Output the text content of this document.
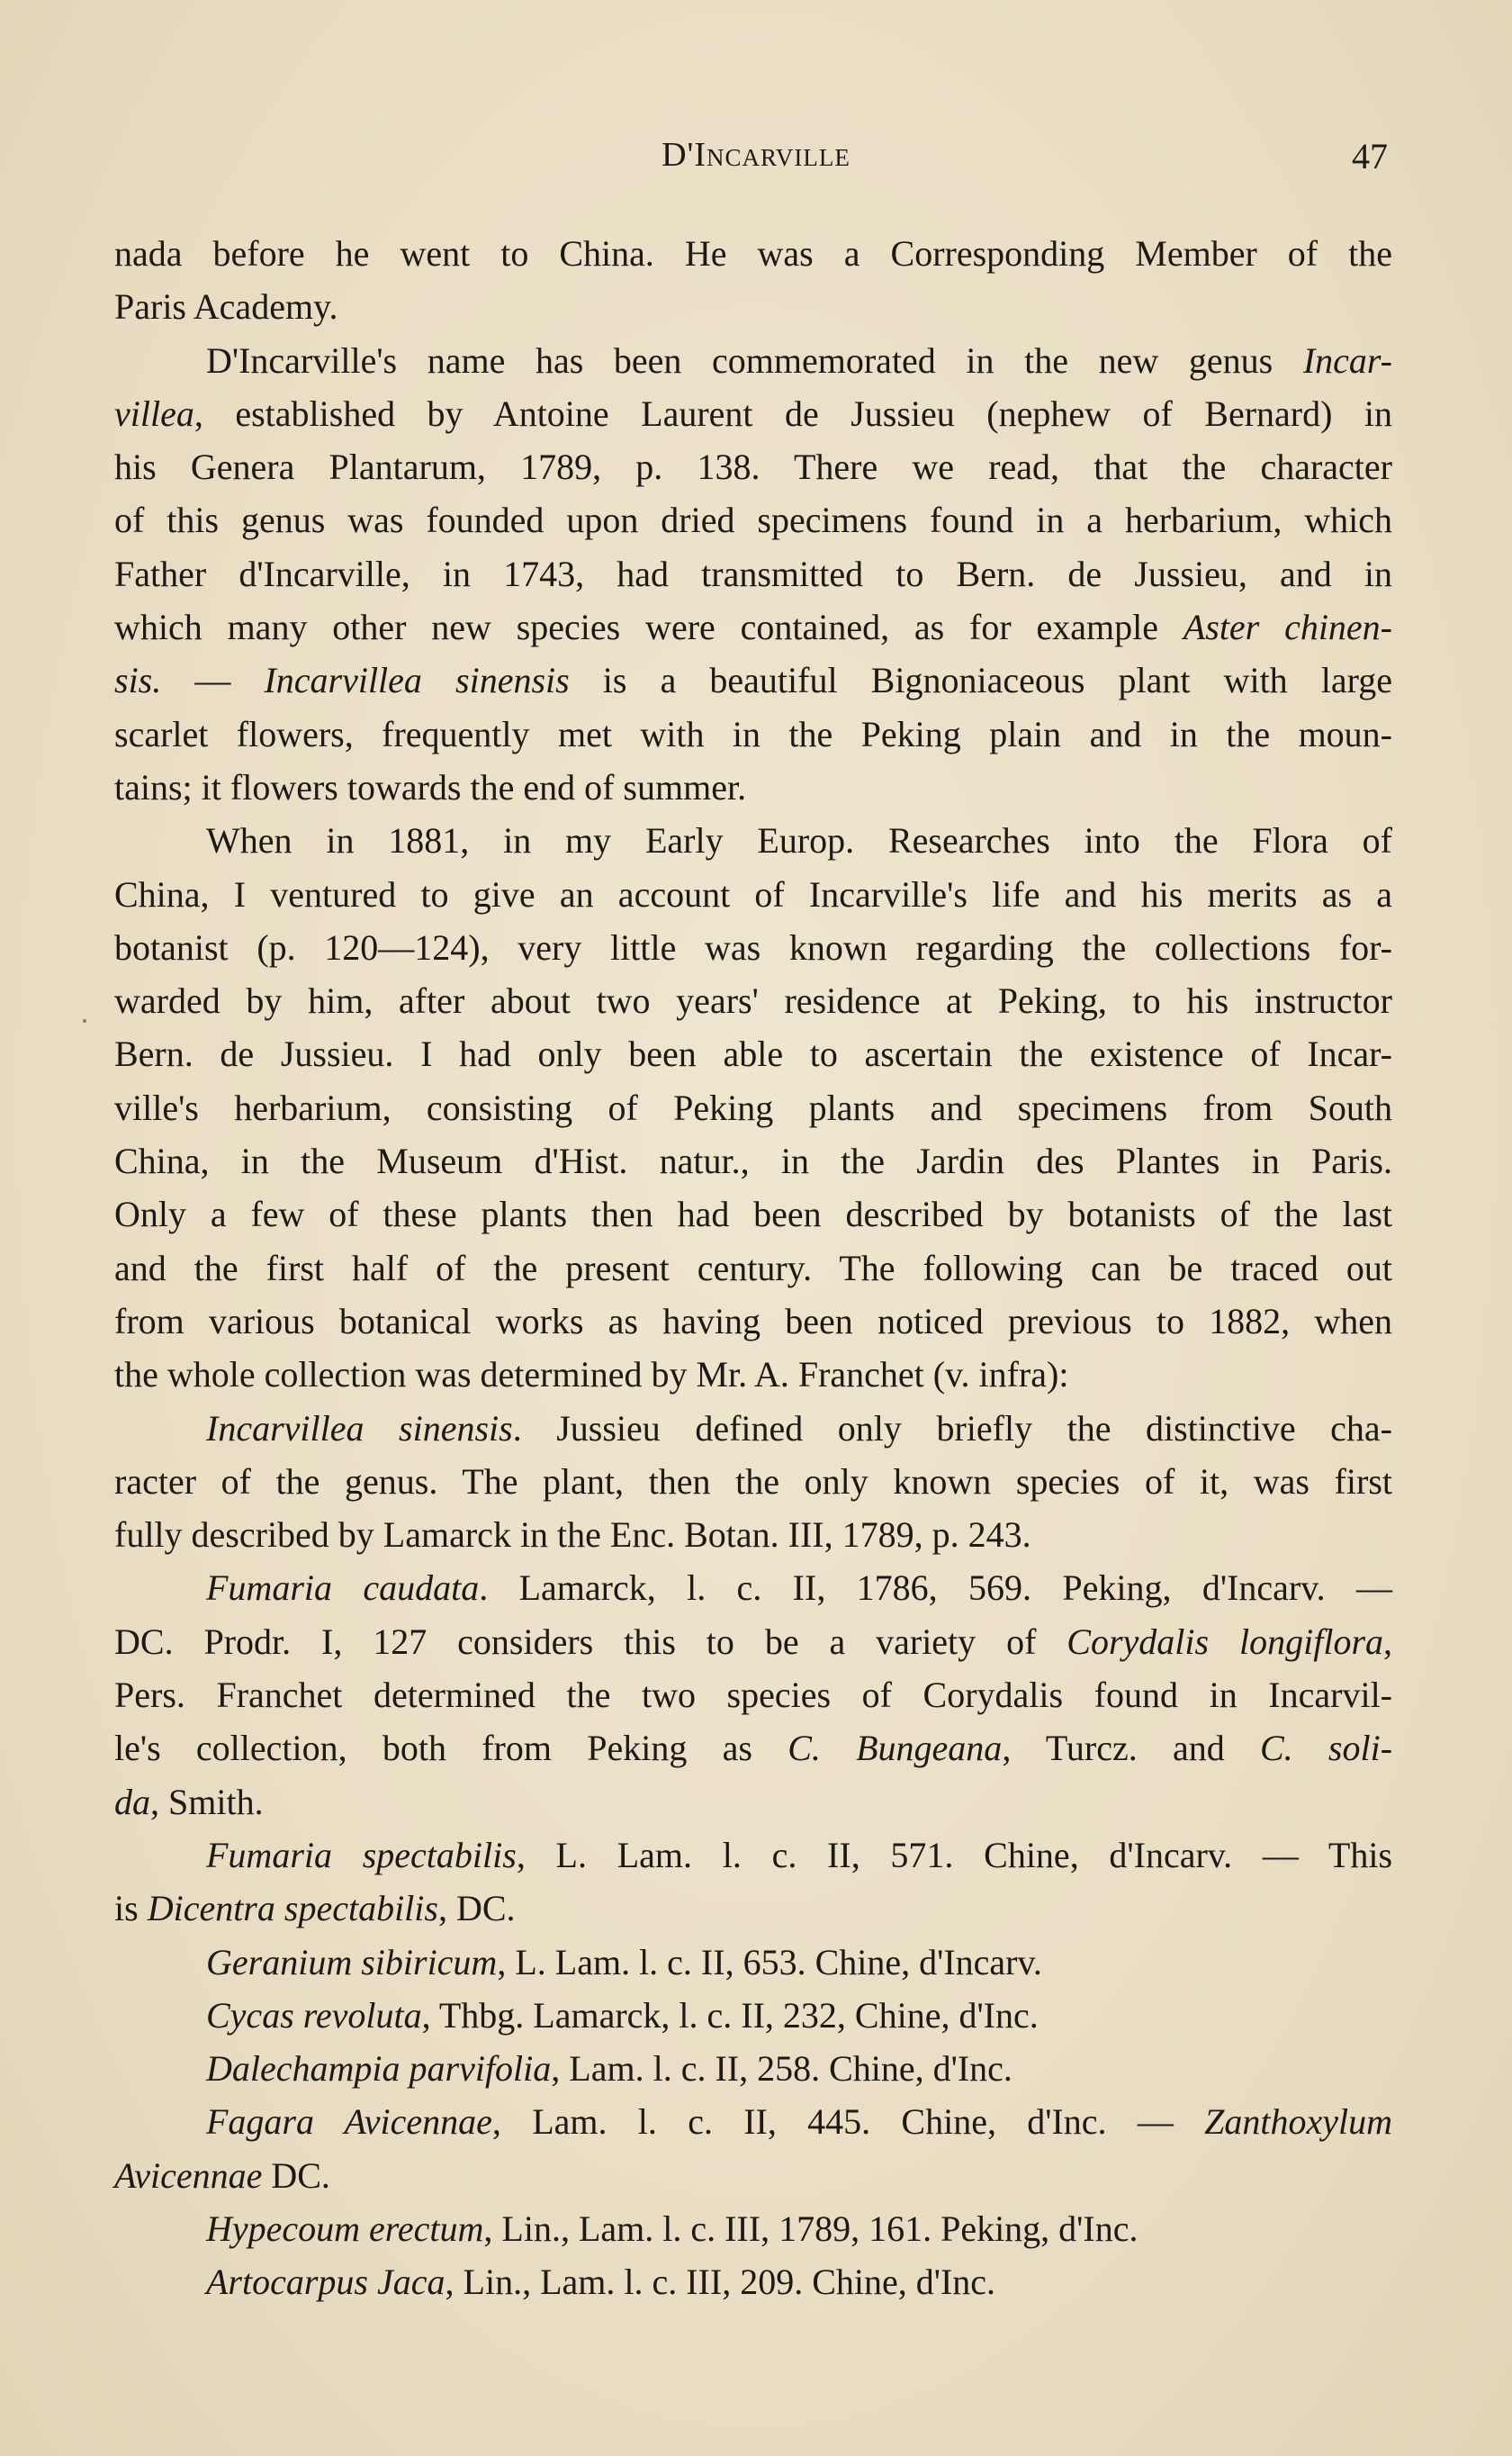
D'Incarville	47
nada before he went to China. He was a Corresponding Member of the
Paris Academy.
D'Incarville's name has been commemorated in the new genus Incar-
villea, established by Antoine Laurent de Jussieu (nephew of Bernard) in
his Genera Plantarum, 1789, p. 138. There we read, that the character
of this genus was founded upon dried specimens found in a herbarium, which
Father d'Incarville, in 1743, had transmitted to Bern. de Jussieu, and in
which many other new species were contained, as for example Aster chinen-
sis. — Incarvillea sinensis is a beautiful Bignoniaceous plant with large
scarlet flowers, frequently met with in the Peking plain and in the moun-
tains; it flowers towards the end of summer.
When in 1881, in my Early Europ. Researches into the Flora of
China, I ventured to give an account of Incarville's life and his merits as a
botanist (p. 120—124), very little was known regarding the collections for-
warded by him, after about two years' residence at Peking, to his instructor
Bern. de Jussieu. I had only been able to ascertain the existence of Incar-
ville's herbarium, consisting of Peking plants and specimens from South
China, in the Museum d'Hist. natur., in the Jardin des Plantes in Paris.
Only a few of these plants then had been described by botanists of the last
and the first half of the present century. The following can be traced out
from various botanical works as having been noticed previous to 1882, when
the whole collection was determined by Mr. A. Franchet (v. infra):
Incarvillea sinensis. Jussieu defined only briefly the distinctive cha-
racter of the genus. The plant, then the only known species of it, was first
fully described by Lamarck in the Enc. Botan. III, 1789, p. 243.
Fumaria caudata. Lamarck, l. c. II, 1786, 569. Peking, d'Incarv. —
DC. Prodr. I, 127 considers this to be a variety of Corydalis longiflora,
Pers. Franchet determined the two species of Corydalis found in Incarvil-
le's collection, both from Peking as C. Bungeana, Turcz. and C. soli-
da, Smith.
Fumaria spectabilis, L. Lam. l. c. II, 571. Chine, d'Incarv. — This
is Dicentra spectabilis, DC.
Geranium sibiricum, L. Lam. l. c. II, 653. Chine, d'Incarv.
Cycas revoluta, Thbg. Lamarck, l. c. II, 232, Chine, d'Inc.
Dalechampia parvifolia, Lam. l. c. II, 258. Chine, d'Inc.
Fagara Avicennae, Lam. l. c. II, 445. Chine, d'Inc. — Zanthoxylum
Avicennae DC.
Hypecoum erectum, Lin., Lam. l. c. III, 1789, 161. Peking, d'Inc.
Artocarpus Jaca, Lin., Lam. l. c. III, 209. Chine, d'Inc.
